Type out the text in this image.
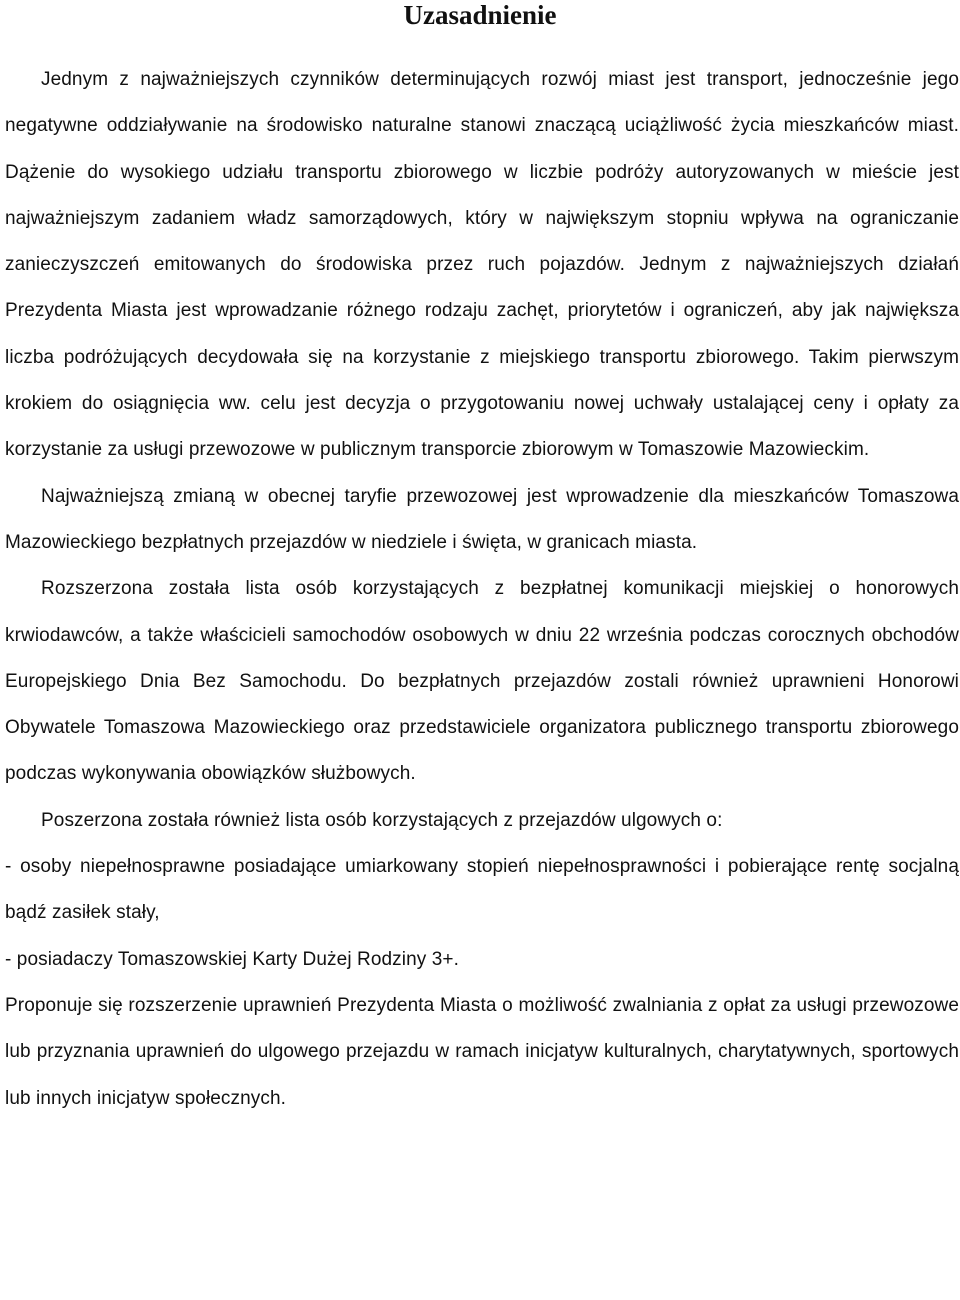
Uzasadnienie

Jednym z najważniejszych czynników determinujących rozwój miast jest transport, jednocześnie jego negatywne oddziaływanie na środowisko naturalne stanowi znaczącą uciążliwość życia mieszkańców miast. Dążenie do wysokiego udziału transportu zbiorowego w liczbie podróży autoryzowanych w mieście jest najważniejszym zadaniem władz samorządowych, który w największym stopniu wpływa na ograniczanie zanieczyszczeń emitowanych do środowiska przez ruch pojazdów. Jednym z najważniejszych działań Prezydenta Miasta jest wprowadzanie różnego rodzaju zachęt, priorytetów i ograniczeń, aby jak największa liczba podróżujących decydowała się na korzystanie z miejskiego transportu zbiorowego. Takim pierwszym krokiem do osiągnięcia ww. celu jest decyzja o przygotowaniu nowej uchwały ustalającej ceny i opłaty za korzystanie za usługi przewozowe w publicznym transporcie zbiorowym w Tomaszowie Mazowieckim.

Najważniejszą zmianą w obecnej taryfie przewozowej jest wprowadzenie dla mieszkańców Tomaszowa Mazowieckiego bezpłatnych przejazdów w niedziele i święta, w granicach miasta.

Rozszerzona została lista osób korzystających z bezpłatnej komunikacji miejskiej o honorowych krwiodawców, a także właścicieli samochodów osobowych w dniu 22 września podczas corocznych obchodów Europejskiego Dnia Bez Samochodu. Do bezpłatnych przejazdów zostali również uprawnieni Honorowi Obywatele Tomaszowa Mazowieckiego oraz przedstawiciele organizatora publicznego transportu zbiorowego podczas wykonywania obowiązków służbowych.

Poszerzona została również lista osób korzystających z przejazdów ulgowych o:

- osoby niepełnosprawne posiadające umiarkowany stopień niepełnosprawności i pobierające rentę socjalną bądź zasiłek stały,

- posiadaczy Tomaszowskiej Karty Dużej Rodziny 3+.

Proponuje się rozszerzenie uprawnień Prezydenta Miasta o możliwość zwalniania z opłat za usługi przewozowe lub przyznania uprawnień do ulgowego przejazdu w ramach inicjatyw kulturalnych, charytatywnych, sportowych lub innych inicjatyw społecznych.
